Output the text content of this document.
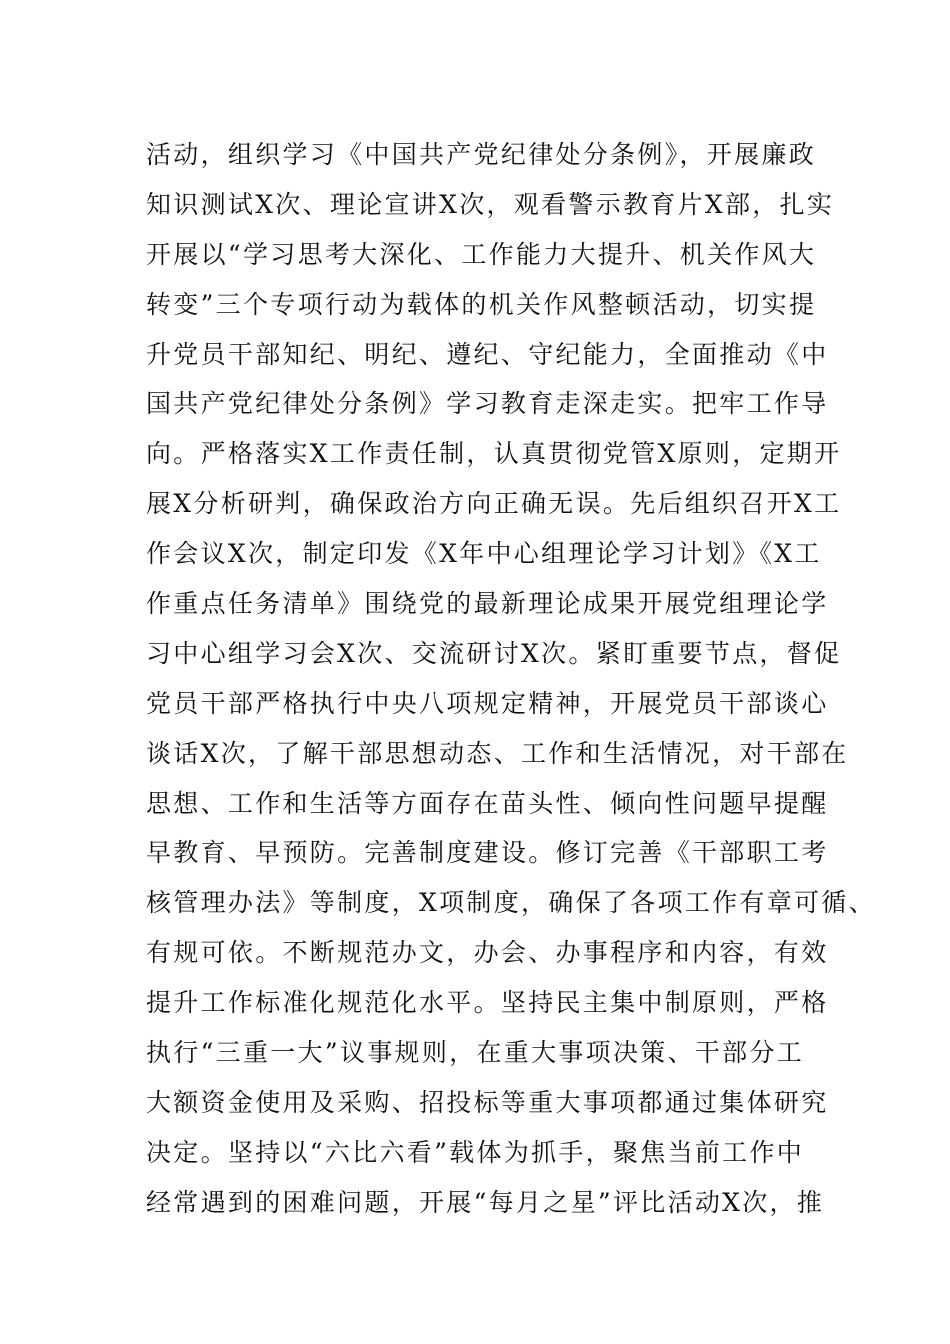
活动，组织学习《中国共产党纪律处分条例》，开展廉政
知识测试X次、理论宣讲X次，观看警示教育片X部，扎实
开展以“学习思考大深化、工作能力大提升、机关作风大
转变”三个专项行动为载体的机关作风整顿活动，切实提
升党员干部知纪、明纪、遵纪、守纪能力，全面推动《中
国共产党纪律处分条例》学习教育走深走实。把牢工作导
向。严格落实X工作责任制，认真贯彻党管X原则，定期开
展X分析研判，确保政治方向正确无误。先后组织召开X工
作会议X次，制定印发《X年中心组理论学习计划》《X工
作重点任务清单》围绕党的最新理论成果开展党组理论学
习中心组学习会X次、交流研讨X次。紧盯重要节点，督促
党员干部严格执行中央八项规定精神，开展党员干部谈心
谈话X次，了解干部思想动态、工作和生活情况，对干部在
思想、工作和生活等方面存在苗头性、倾向性问题早提醒
早教育、早预防。完善制度建设。修订完善《干部职工考
核管理办法》等制度，X项制度，确保了各项工作有章可循、
有规可依。不断规范办文，办会、办事程序和内容，有效
提升工作标准化规范化水平。坚持民主集中制原则，严格
执行“三重一大”议事规则，在重大事项决策、干部分工
大额资金使用及采购、招投标等重大事项都通过集体研究
决定。坚持以“六比六看”载体为抓手，聚焦当前工作中
经常遇到的困难问题，开展“每月之星”评比活动X次，推
